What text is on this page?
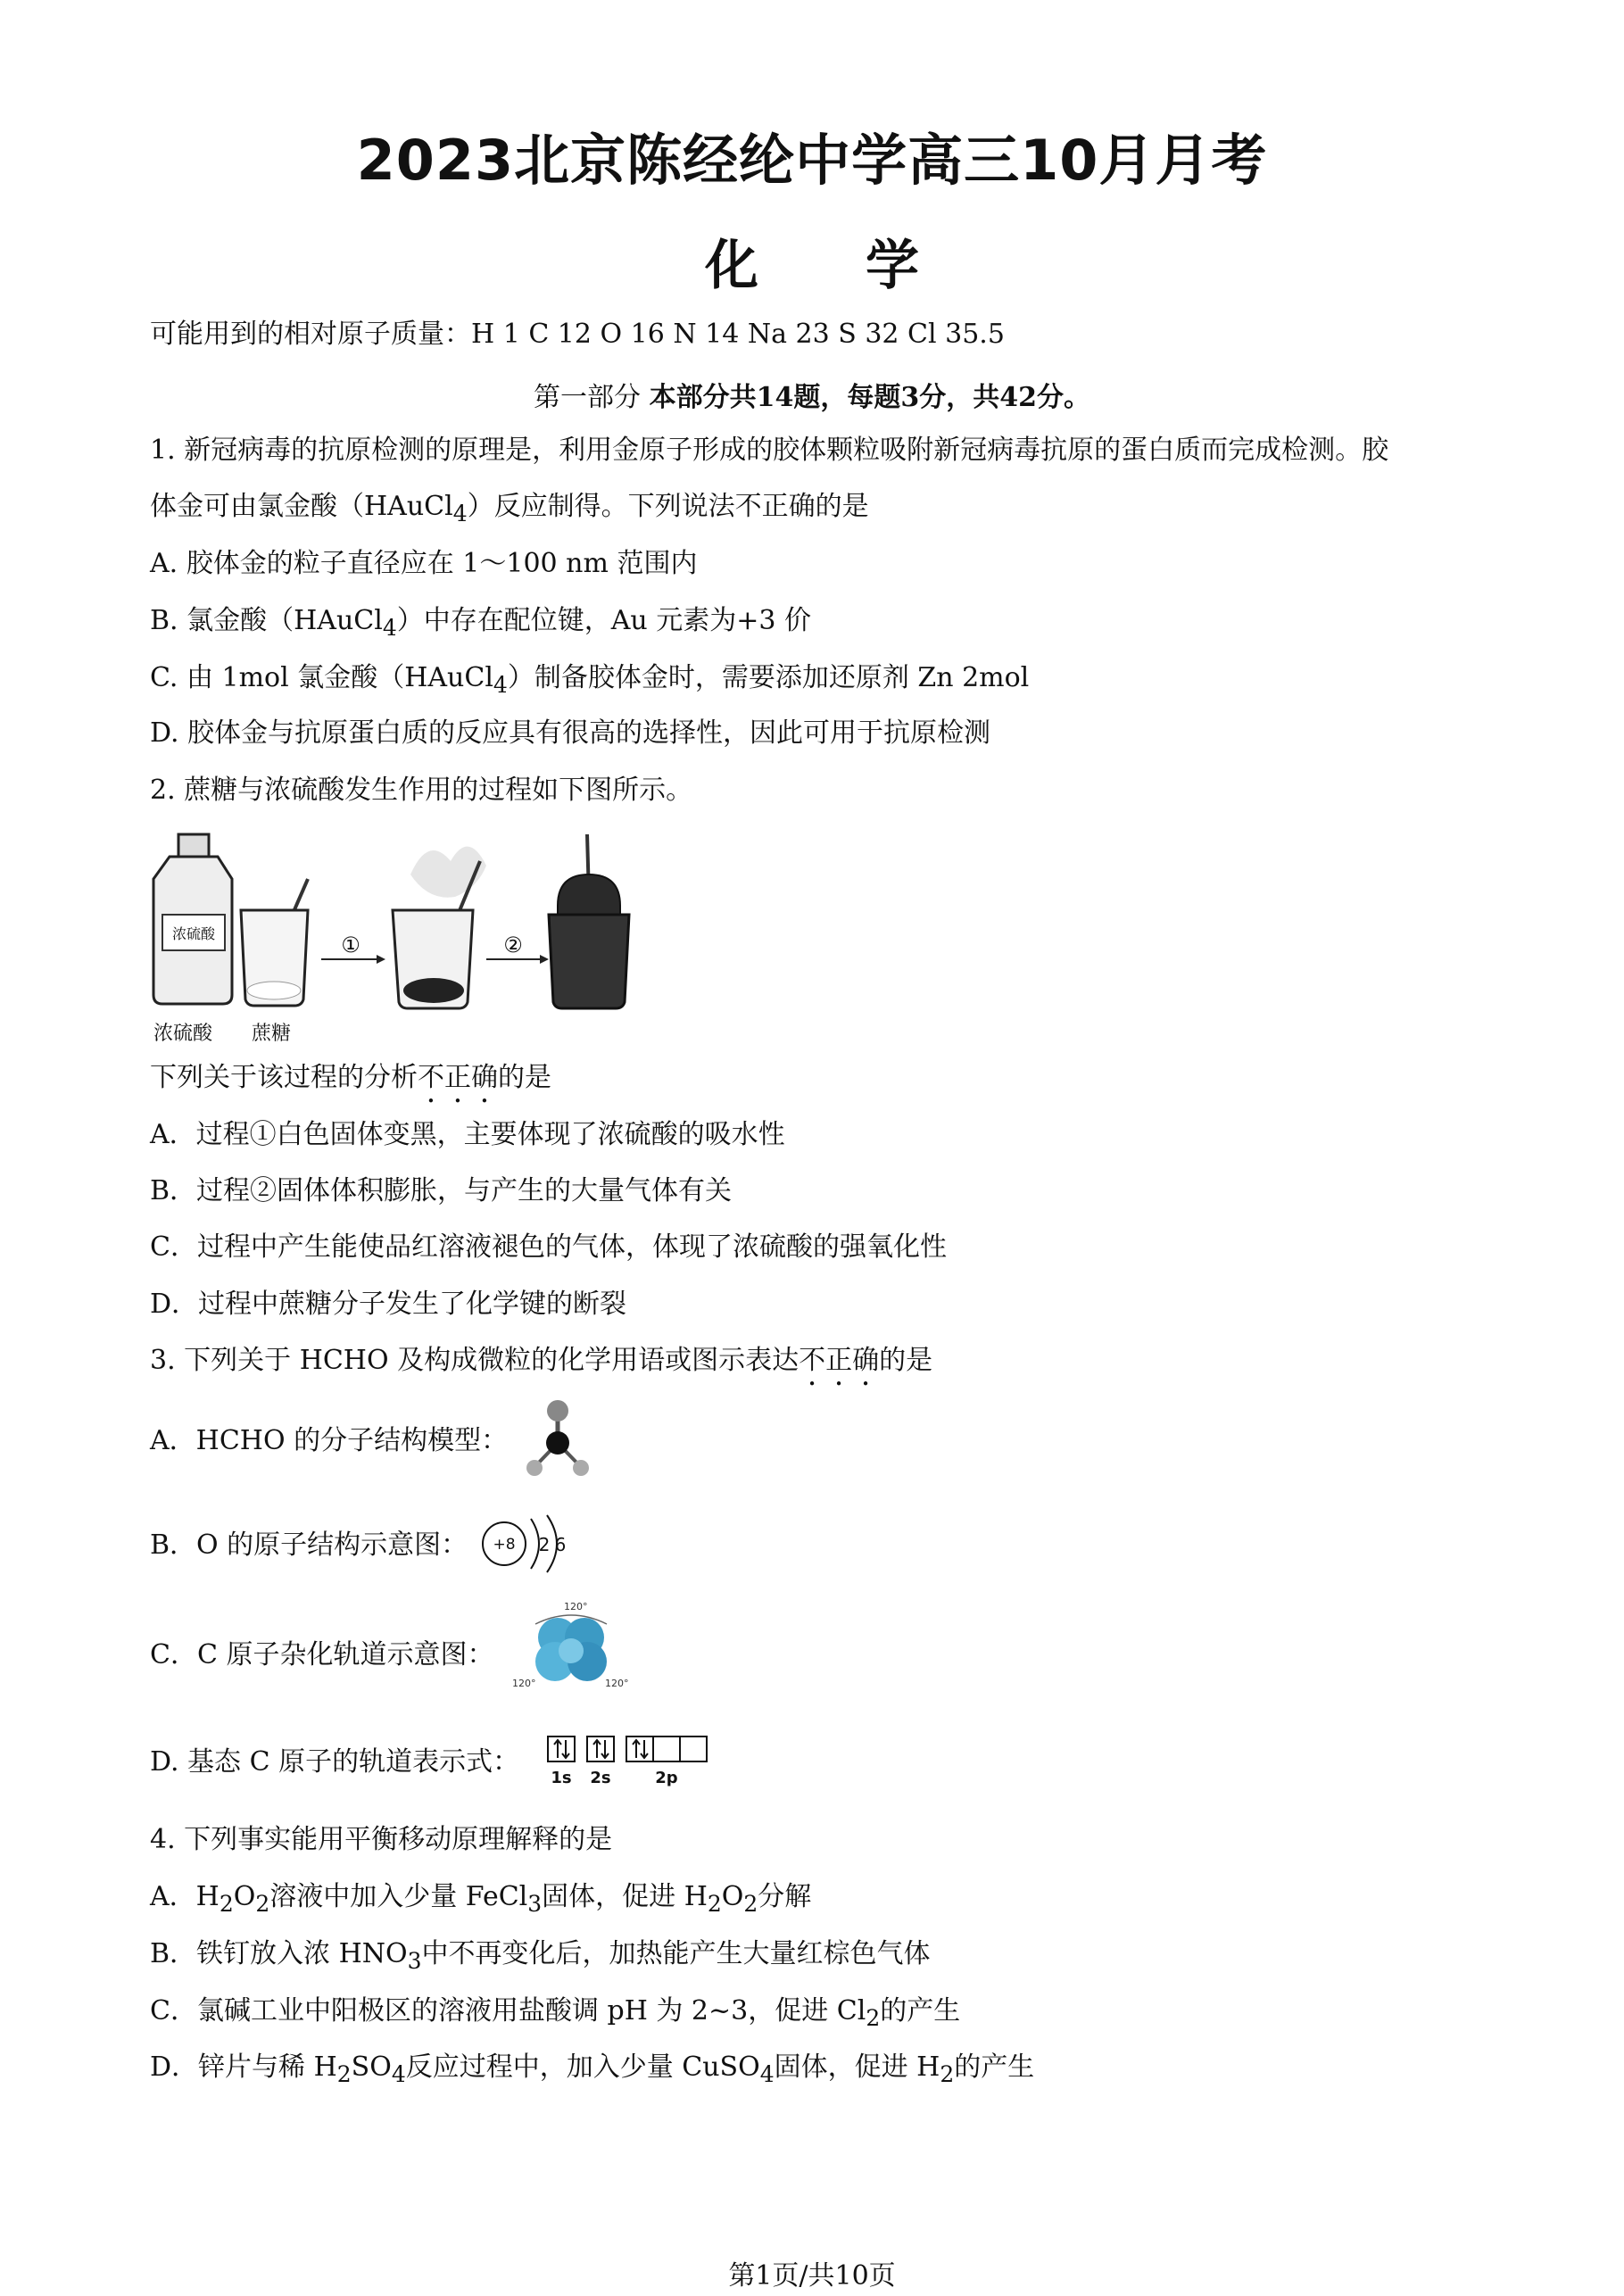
2023北京陈经纶中学高三10月月考
化学
可能用到的相对原子质量：H 1 C 12 O 16 N 14 Na 23 S 32 Cl 35.5
第一部分 本部分共14题，每题3分，共42分。
1. 新冠病毒的抗原检测的原理是，利用金原子形成的胶体颗粒吸附新冠病毒抗原的蛋白质而完成检测。胶
体金可由氯金酸（HAuCl$_4$）反应制得。下列说法不正确的是
A. 胶体金的粒子直径应在 1～100 nm 范围内
B. 氯金酸（HAuCl$_4$）中存在配位键，Au 元素为+3 价
C. 由 1mol 氯金酸（HAuCl$_4$）制备胶体金时，需要添加还原剂 Zn 2mol
D. 胶体金与抗原蛋白质的反应具有很高的选择性，因此可用于抗原检测
2. 蔗糖与浓硫酸发生作用的过程如下图所示。
浓硫酸
浓硫酸 蔗糖
①	②
下列关于该过程的分析不正确的是
A．过程①白色固体变黑，主要体现了浓硫酸的吸水性
B．过程②固体体积膨胀，与产生的大量气体有关
C．过程中产生能使品红溶液褪色的气体，体现了浓硫酸的强氧化性
D．过程中蔗糖分子发生了化学键的断裂
3. 下列关于 HCHO 及构成微粒的化学用语或图示表达不正确的是
A．HCHO 的分子结构模型：
B．O 的原子结构示意图： +8 2 6
C．C 原子杂化轨道示意图：
120°
120°	120°
D. 基态 C 原子的轨道表示式：
1s 2s	2p
4. 下列事实能用平衡移动原理解释的是
A．$H_2O_2$溶液中加入少量 FeCl$_3$固体，促进 $H_2O_2$分解
B．铁钉放入浓 $HNO_3$中不再变化后，加热能产生大量红棕色气体
C．氯碱工业中阳极区的溶液用盐酸调 pH 为 2~3，促进 $Cl_2$的产生
D．锌片与稀 $H_2SO_4$反应过程中，加入少量 CuSO$_4$固体，促进 $H_2$的产生
第1页/共10页
